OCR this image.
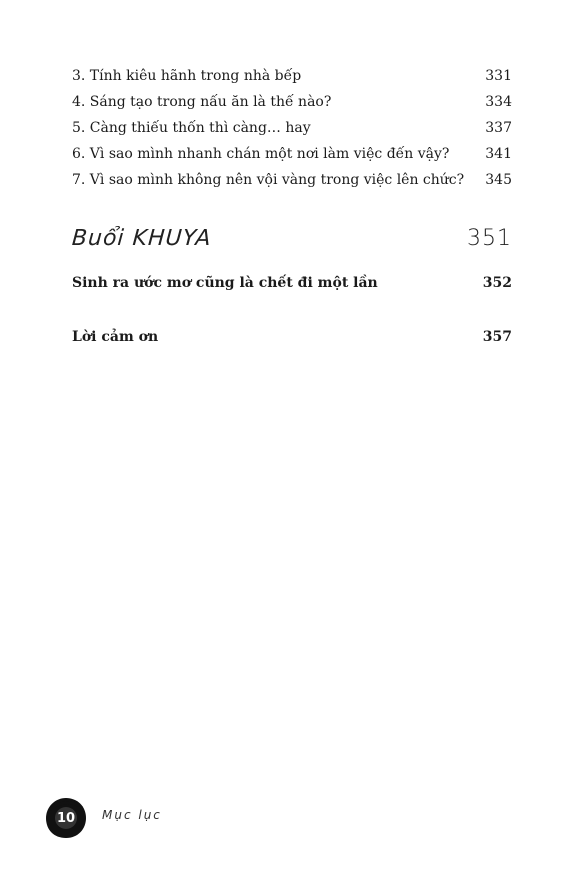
3. Tính kiêu hãnh trong nhà bếp	331
4. Sáng tạo trong nấu ăn là thế nào?	334
5. Càng thiếu thốn thì càng… hay	337
6. Vì sao mình nhanh chán một nơi làm việc đến vậy?	341
7. Vì sao mình không nên vội vàng trong việc lên chức? 345
Buổi KHUYA	351
Sinh ra ước mơ cũng là chết đi một lần	352
Lời cảm ơn	357
10	Mục lục
